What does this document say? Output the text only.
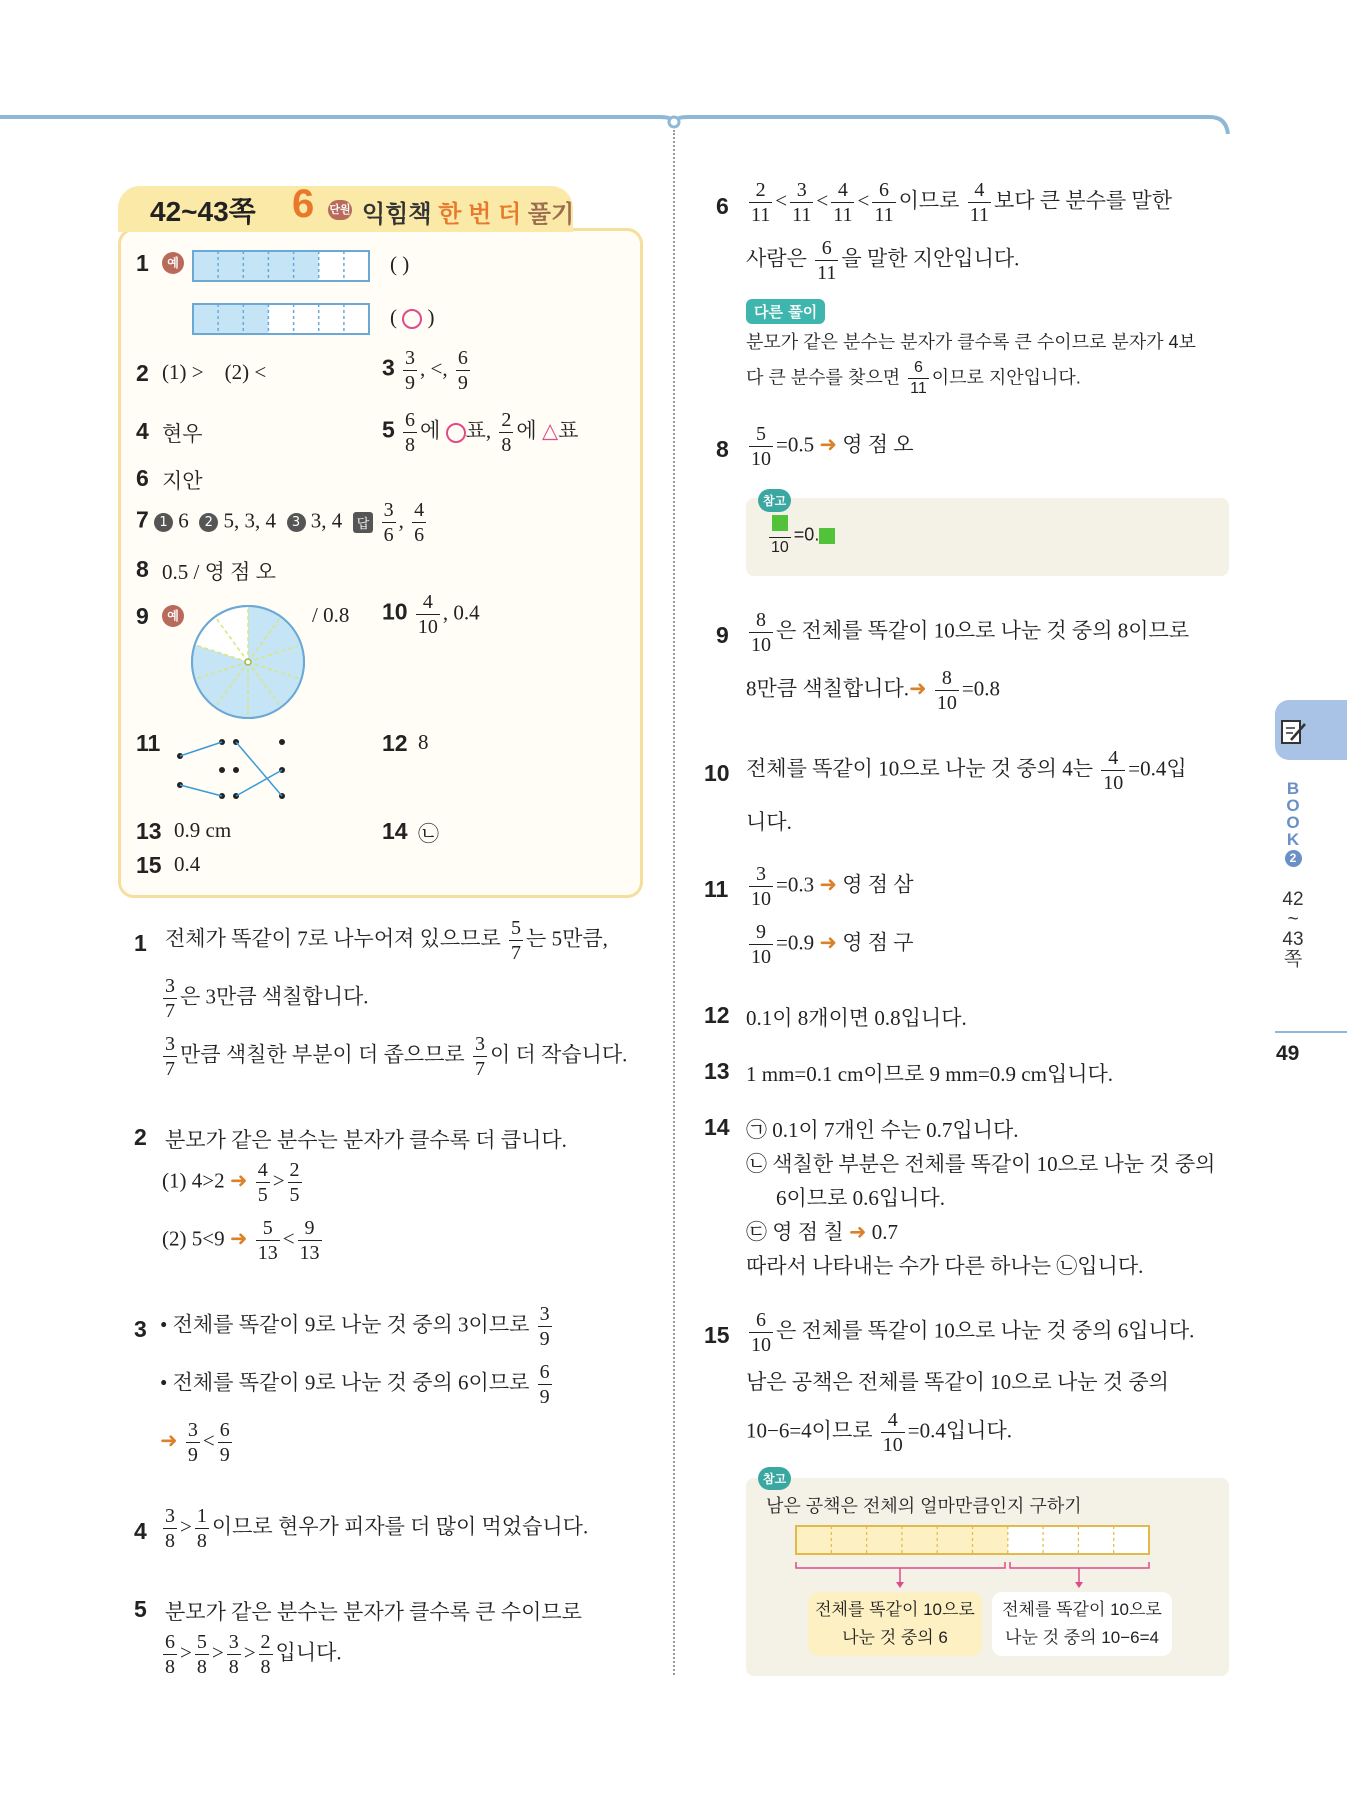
42~43쪽 6 단원 익힘책 한 번 더 풀기
1	예	( )
( ○ )
2 (1) >    (2) <	$3 \frac{3}{9}$ , <, $\frac{6}{9}$
4 현우	$5 \frac{6}{8}$ 에 ○표, $\frac{2}{8}$ 에 △표
6 지안
7 1 6 2 5, 3, 4 3 3, 4 답 $\frac{3}{6}$ , $\frac{4}{6}$
8 0.5 / 영 점 오
9	예	/ 0.8 $10 \frac{4}{10}$ , 0.4
11	12 8
13 0.9 cm	14 ㉡
15 0.4
1 전체가 똑같이 7로 나누어져 있으므로 $\frac{5}{7}$ 는 5만큼,
$\frac{3}{7}$ 은 3만큼 색칠합니다.
$\frac{3}{7}$ 만큼 색칠한 부분이 더 좁으므로 $\frac{3}{7}$ 이 더 작습니다.
2 분모가 같은 분수는 분자가 클수록 더 큽니다.
(1) 4>2 ➜ $\frac{4}{5} > \frac{2}{5}$
(2) 5<9 ➜ $\frac{5}{13} < \frac{9}{13}$
3 • 전체를 똑같이 9로 나눈 것 중의 3이므로 $\frac{3}{9}$
• 전체를 똑같이 9로 나눈 것 중의 6이므로 $\frac{6}{9}$
➜ $\frac{3}{9} < \frac{6}{9}$
$4 \frac{3}{8} > \frac{1}{8}$ 이므로 현우가 피자를 더 많이 먹었습니다.
5 분모가 같은 분수는 분자가 클수록 큰 수이므로
$\frac{6}{8} > \frac{5}{8} > \frac{3}{8} > \frac{2}{8}$ 입니다.
$6 \frac{2}{11} < \frac{3}{11} < \frac{4}{11} < \frac{6}{11}$ 이므로 $\frac{4}{11}$ 보다 큰 분수를 말한
사람은 $\frac{6}{11}$ 을 말한 지안입니다.
다른 풀이
분모가 같은 분수는 분자가 클수록 큰 수이므로 분자가 4보
다 큰 분수를 찾으면 $\frac{6}{11}$ 이므로 지안입니다.
$8 \frac{5}{10} =0.5$ ➜ 영 점 오
참고
10
=0.
$9 \frac{8}{10}$ 은 전체를 똑같이 10으로 나눈 것 중의 8이므로
8만큼 색칠합니다.➜ $\frac{8}{10} =0.8$
10 전체를 똑같이 10으로 나눈 것 중의 4는 $\frac{4}{10} =0.4$입
니다.
$11 \frac{3}{10} =0.3$ ➜ 영 점 삼
$\frac{9}{10} =0.9$ ➜ 영 점 구
12 0.1이 8개이면 0.8입니다.
13 1 mm=0.1 cm이므로 9 mm=0.9 cm입니다.
14 ㉠ 0.1이 7개인 수는 0.7입니다.
㉡ 색칠한 부분은 전체를 똑같이 10으로 나눈 것 중의
6이므로 0.6입니다.
㉢ 영 점 칠 ➜ 0.7
따라서 나타내는 수가 다른 하나는 ㉡입니다.
$15 \frac{6}{10}$ 은 전체를 똑같이 10으로 나눈 것 중의 6입니다.
남은 공책은 전체를 똑같이 10으로 나눈 것 중의
10−6=4이므로 $\frac{4}{10} =0.4$입니다.
참고
남은 공책은 전체의 얼마만큼인지 구하기
전체를 똑같이 10으로
나눈 것 중의 6
전체를 똑같이 10으로
나눈 것 중의 10−6=4
B
O
O
K
2
42
~
43
쪽
49
